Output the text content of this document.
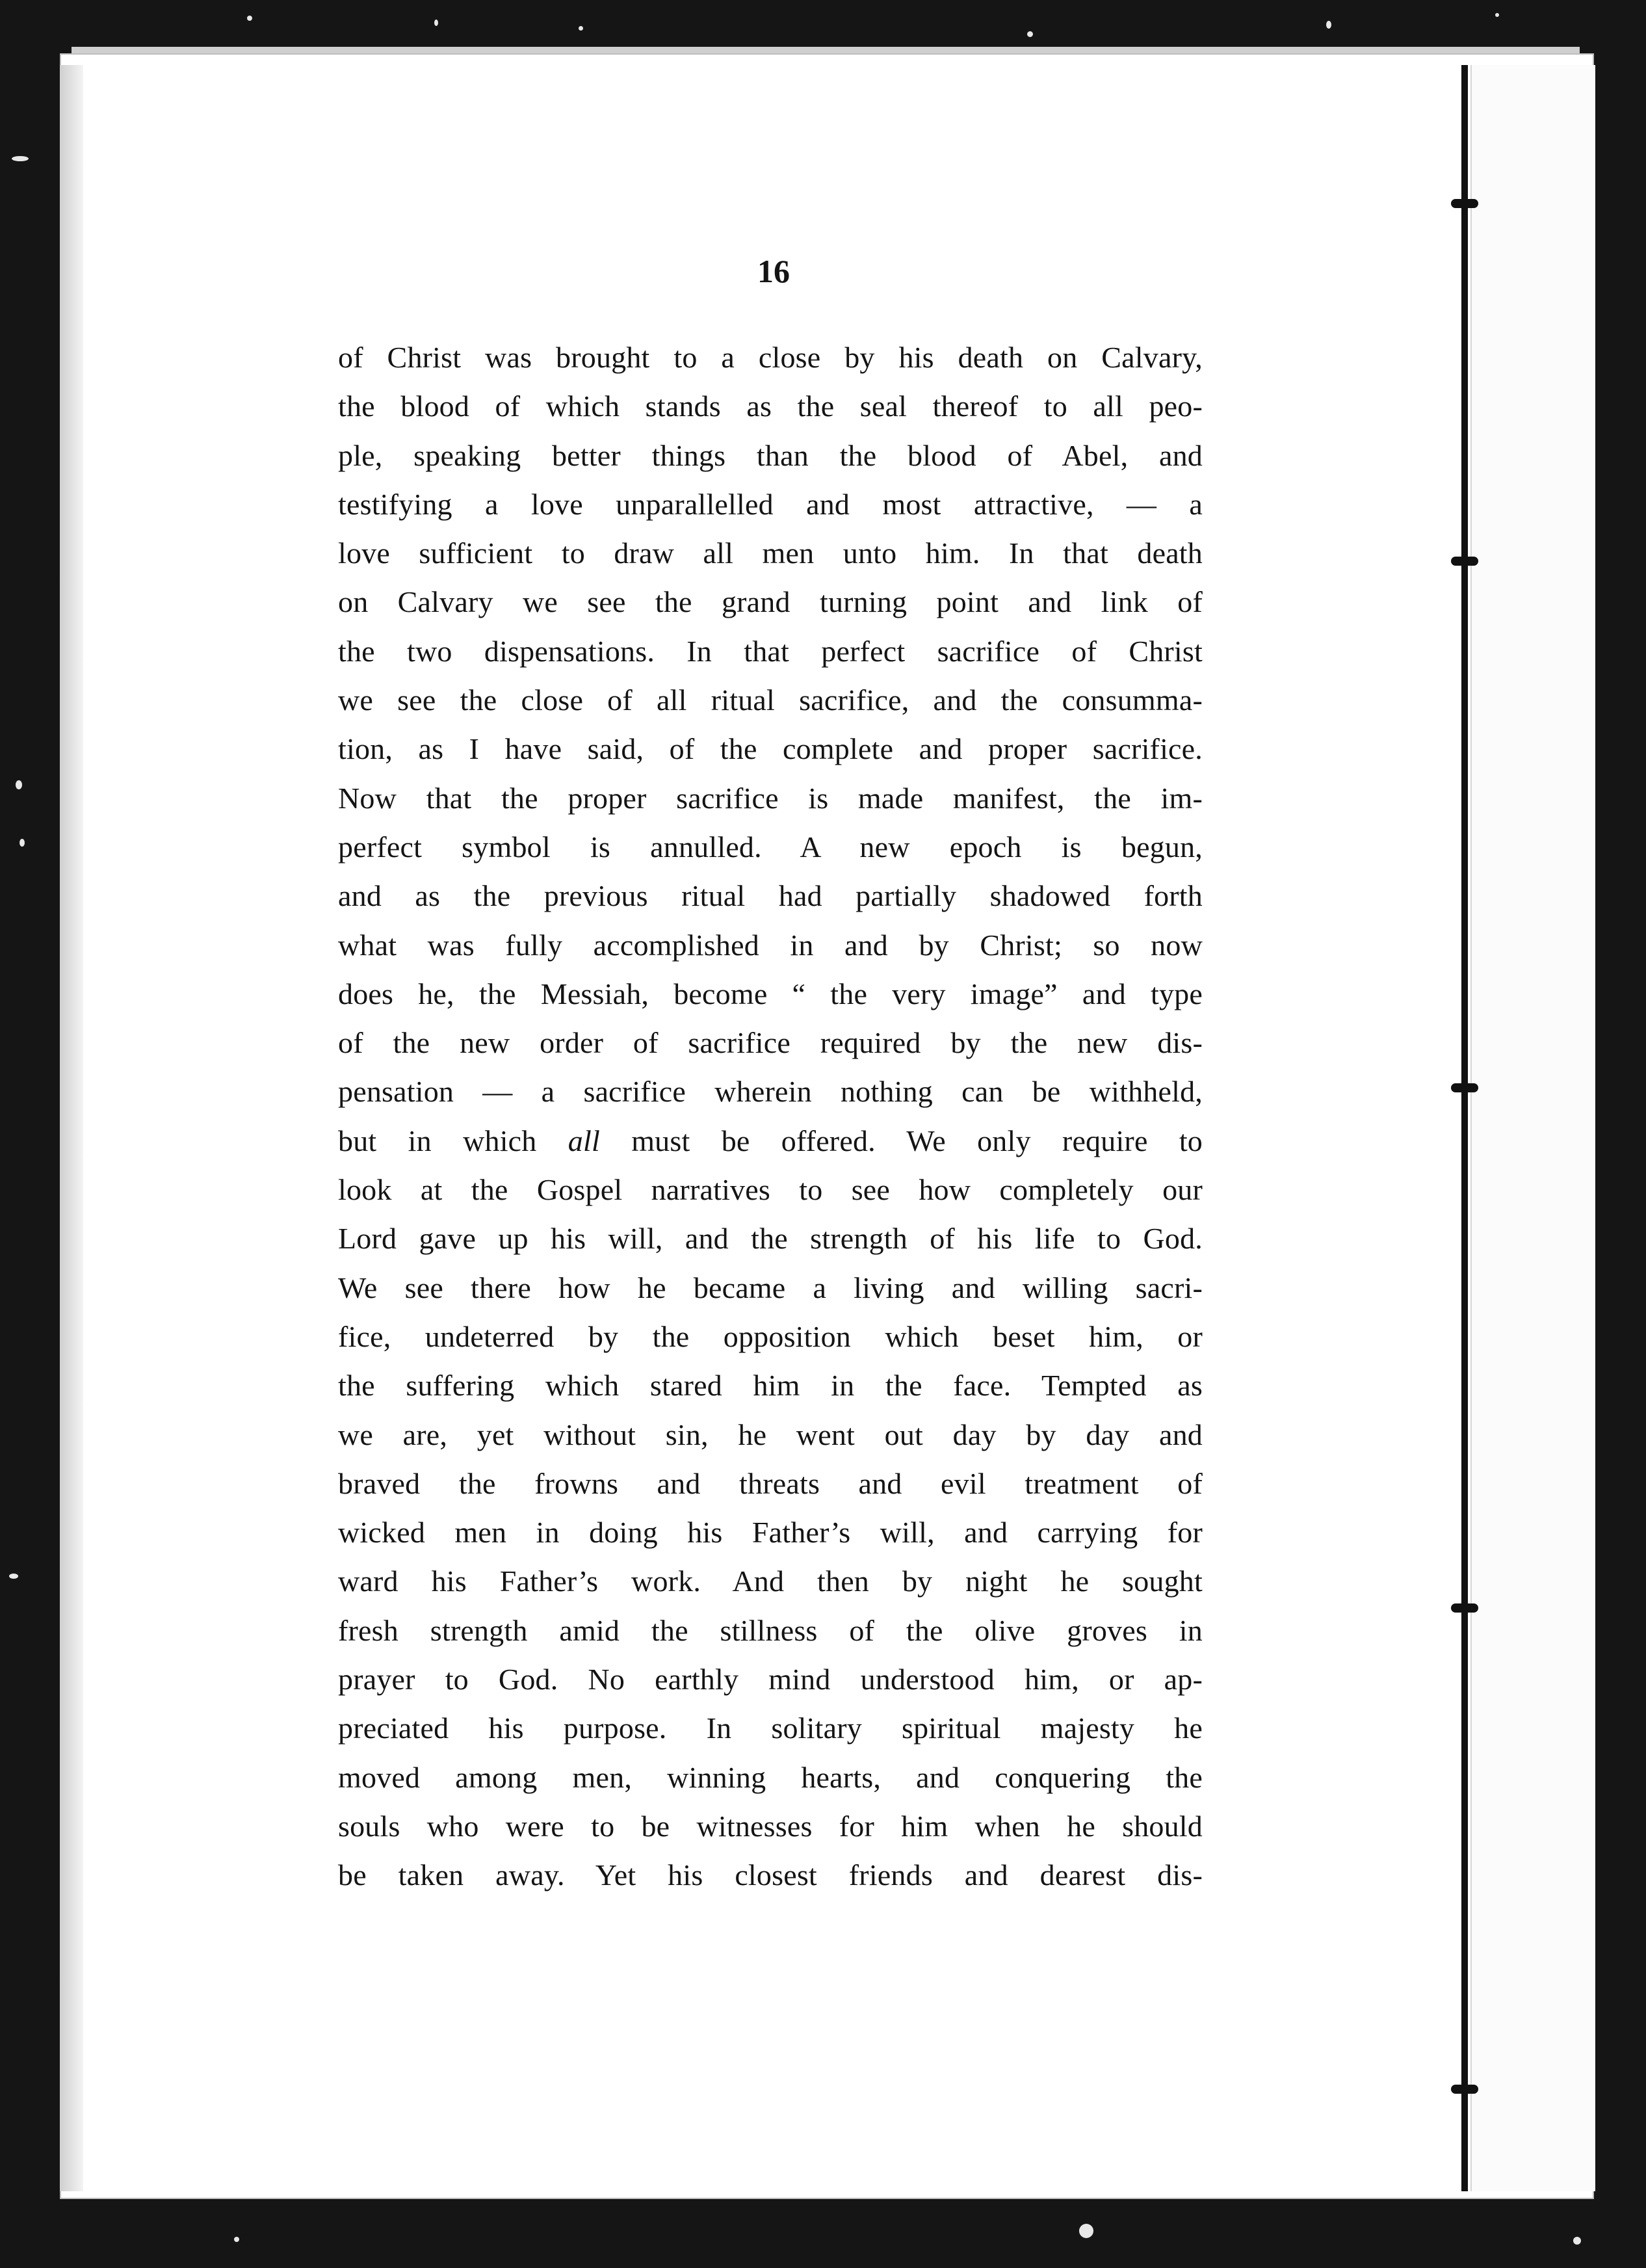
16
of Christ was brought to a close by his death on Calvary,
the blood of which stands as the seal thereof to all peo-
ple, speaking better things than the blood of Abel, and
testifying a love unparallelled and most attractive, — a
love sufficient to draw all men unto him. In that death
on Calvary we see the grand turning point and link of
the two dispensations. In that perfect sacrifice of Christ
we see the close of all ritual sacrifice, and the consumma-
tion, as I have said, of the complete and proper sacrifice.
Now that the proper sacrifice is made manifest, the im-
perfect symbol is annulled. A new epoch is begun,
and as the previous ritual had partially shadowed forth
what was fully accomplished in and by Christ; so now
does he, the Messiah, become “ the very image” and type
of the new order of sacrifice required by the new dis-
pensation — a sacrifice wherein nothing can be withheld,
but in which all must be offered. We only require to
look at the Gospel narratives to see how completely our
Lord gave up his will, and the strength of his life to God.
We see there how he became a living and willing sacri-
fice, undeterred by the opposition which beset him, or
the suffering which stared him in the face. Tempted as
we are, yet without sin, he went out day by day and
braved the frowns and threats and evil treatment of
wicked men in doing his Father’s will, and carrying for
ward his Father’s work. And then by night he sought
fresh strength amid the stillness of the olive groves in
prayer to God. No earthly mind understood him, or ap-
preciated his purpose. In solitary spiritual majesty he
moved among men, winning hearts, and conquering the
souls who were to be witnesses for him when he should
be taken away. Yet his closest friends and dearest dis-
